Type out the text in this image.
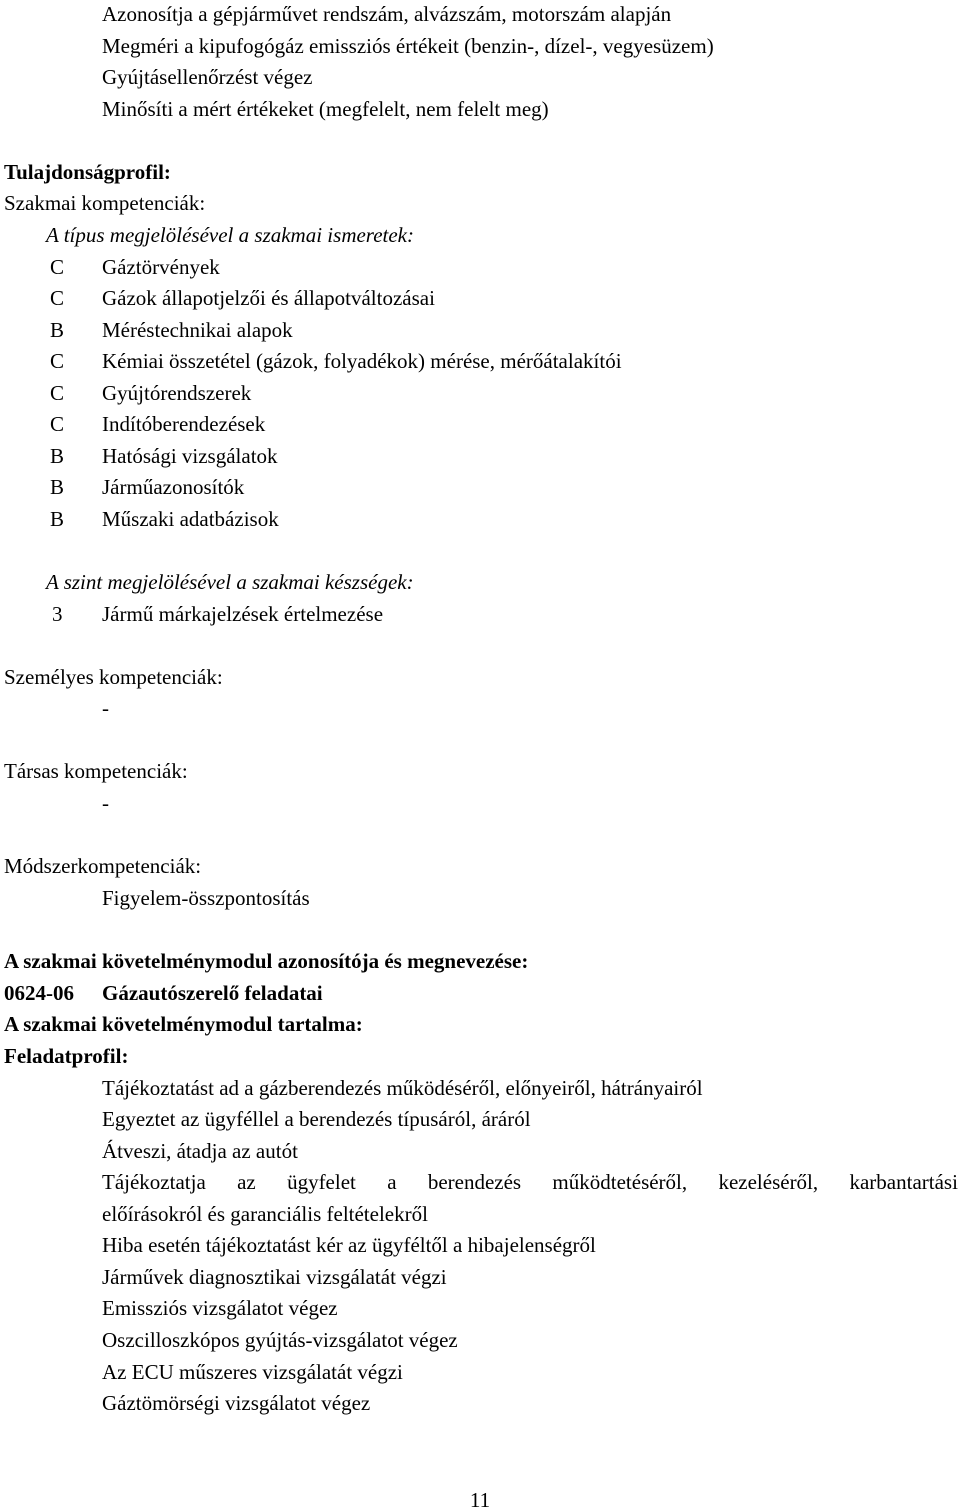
Azonosítja a gépjárművet rendszám, alvázszám, motorszám alapján
Megméri a kipufogógáz emissziós értékeit (benzin-, dízel-, vegyesüzem)
Gyújtásellenőrzést végez
Minősíti a mért értékeket (megfelelt, nem felelt meg)
Tulajdonságprofil:
Szakmai kompetenciák:
A típus megjelölésével a szakmai ismeretek:
C Gáztörvények
C Gázok állapotjelzői és állapotváltozásai
B Méréstechnikai alapok
C Kémiai összetétel (gázok, folyadékok) mérése, mérőátalakítói
C Gyújtórendszerek
C Indítóberendezések
B Hatósági vizsgálatok
B Járműazonosítók
B Műszaki adatbázisok
A szint megjelölésével a szakmai készségek:
3 Jármű márkajelzések értelmezése
Személyes kompetenciák:
-
Társas kompetenciák:
-
Módszerkompetenciák:
Figyelem-összpontosítás
A szakmai követelménymodul azonosítója és megnevezése:
0624-06 Gázautószerelő feladatai
A szakmai követelménymodul tartalma:
Feladatprofil:
Tájékoztatást ad a gázberendezés működéséről, előnyeiről, hátrányairól
Egyeztet az ügyféllel a berendezés típusáról, áráról
Átveszi, átadja az autót
Tájékoztatja az ügyfelet a berendezés működtetéséről, kezeléséről, karbantartási
előírásokról és garanciális feltételekről
Hiba esetén tájékoztatást kér az ügyféltől a hibajelenségről
Járművek diagnosztikai vizsgálatát végzi
Emissziós vizsgálatot végez
Oszcilloszkópos gyújtás-vizsgálatot végez
Az ECU műszeres vizsgálatát végzi
Gáztömörségi vizsgálatot végez
11
